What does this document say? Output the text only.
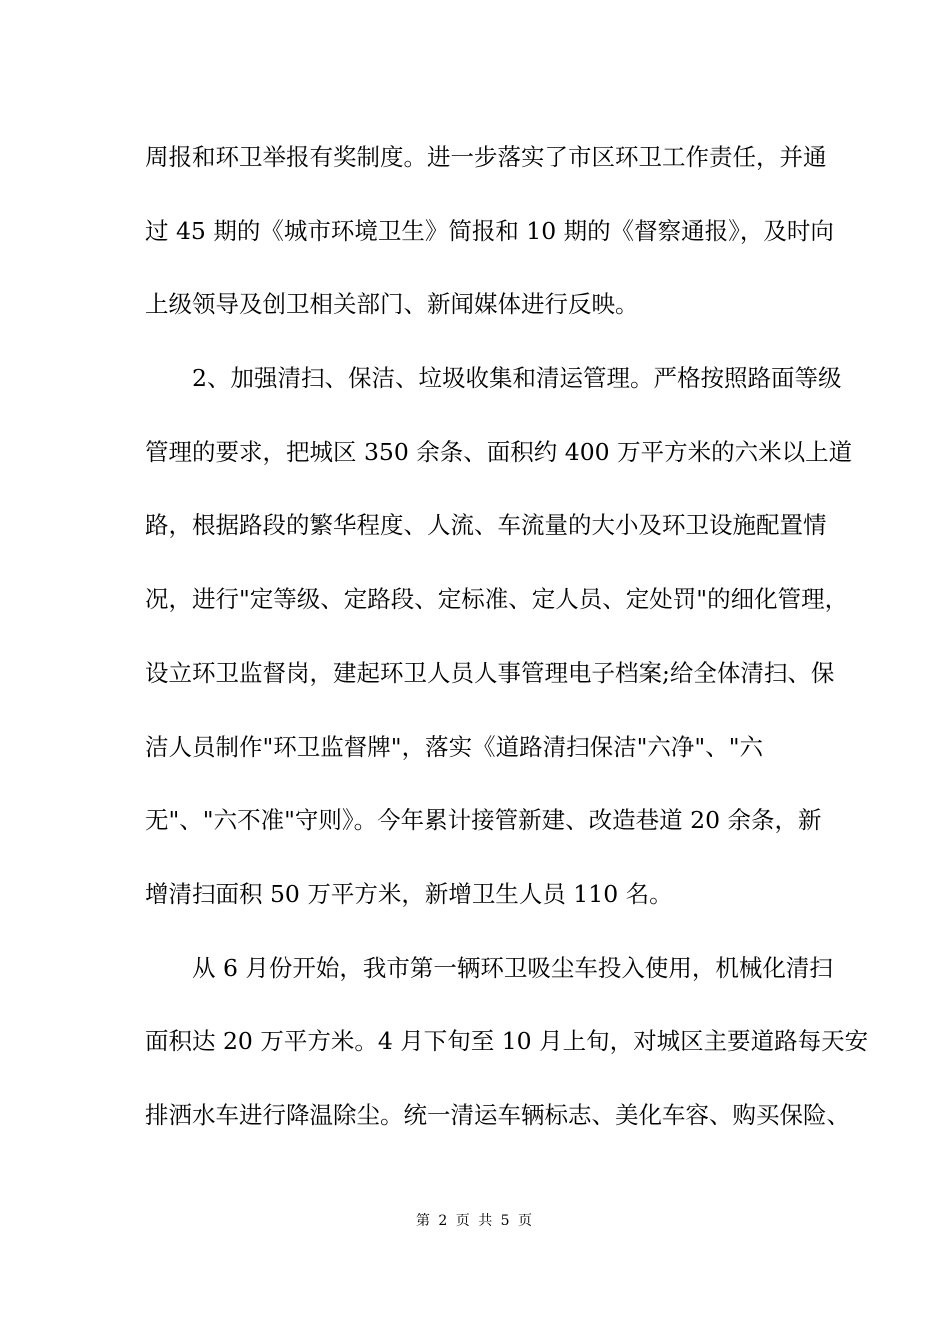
周报和环卫举报有奖制度。进一步落实了市区环卫工作责任，并通
过 45 期的《城市环境卫生》简报和 10 期的《督察通报》，及时向
上级领导及创卫相关部门、新闻媒体进行反映。
　　2、加强清扫、保洁、垃圾收集和清运管理。严格按照路面等级
管理的要求，把城区 350 余条、面积约 400 万平方米的六米以上道
路，根据路段的繁华程度、人流、车流量的大小及环卫设施配置情
况，进行"定等级、定路段、定标准、定人员、定处罚"的细化管理，
设立环卫监督岗，建起环卫人员人事管理电子档案;给全体清扫、保
洁人员制作"环卫监督牌"，落实《道路清扫保洁"六净"、"六
无"、"六不准"守则》。今年累计接管新建、改造巷道 20 余条，新
增清扫面积 50 万平方米，新增卫生人员 110 名。
　　从 6 月份开始，我市第一辆环卫吸尘车投入使用，机械化清扫
面积达 20 万平方米。4 月下旬至 10 月上旬，对城区主要道路每天安
排洒水车进行降温除尘。统一清运车辆标志、美化车容、购买保险、
第 2 页 共 5 页
